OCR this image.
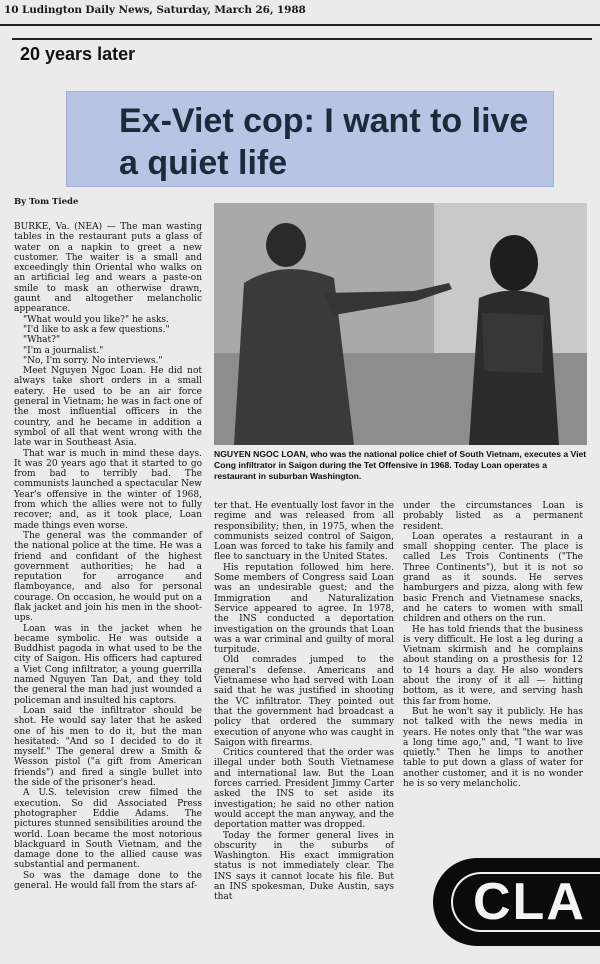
10 Ludington Daily News, Saturday, March 26, 1988
20 years later
Ex-Viet cop: I want to live a quiet life
By Tom Tiede

BURKE, Va. (NEA) — The man wasting tables in the restaurant puts a glass of water on a napkin to greet a new customer. The waiter is a small and exceedingly thin Oriental who walks on an artificial leg and wears a paste-on smile to mask an otherwise drawn, gaunt and altogether melancholic appearance.

"What would you like?" he asks.

"I'd like to ask a few questions."

"What?"

"I'm a journalist."

"No, I'm sorry. No interviews."

Meet Nguyen Ngoc Loan. He did not always take short orders in a small eatery. He used to be an air force general in Vietnam; he was in fact one of the most influential officers in the country, and he became in addition a symbol of all that went wrong with the late war in Southeast Asia.

That war is much in mind these days. It was 20 years ago that it started to go from bad to terribly bad. The communists launched a spectacular New Year's offensive in the winter of 1968, from which the allies were not to fully recover; and, as it took place, Loan made things even worse.

The general was the commander of the national police at the time. He was a friend and confidant of the highest government authorities; he had a reputation for arrogance and flamboyance, and also for personal courage. On occasion, he would put on a flak jacket and join his men in the shoot-ups.

Loan was in the jacket when he became symbolic. He was outside a Buddhist pagoda in what used to be the city of Saigon. His officers had captured a Viet Cong infiltrator, a young guerrilla named Nguyen Tan Dat, and they told the general the man had just wounded a policeman and insulted his captors.

Loan said the infiltrator should be shot. He would say later that he asked one of his men to do it, but the man hesitated: "And so I decided to do it myself." The general drew a Smith & Wesson pistol ("a gift from American friends") and fired a single bullet into the side of the prisoner's head.

A U.S. television crew filmed the execution. So did Associated Press photographer Eddie Adams. The pictures stunned sensibilities around the world. Loan became the most notorious blackguard in South Vietnam, and the damage done to the allied cause was substantial and permanent.

So was the damage done to the general. He would fall from the stars af-

NGUYEN NGOC LOAN, who was the national police chief of South Vietnam, executes a Viet Cong infiltrator in Saigon during the Tet Offensive in 1968. Today Loan operates a restaurant in suburban Washington.

ter that. He eventually lost favor in the regime and was released from all responsibility; then, in 1975, when the communists seized control of Saigon, Loan was forced to take his family and flee to sanctuary in the United States.

His reputation followed him here. Some members of Congress said Loan was an undesirable guest; and the Immigration and Naturalization Service appeared to agree. In 1978, the INS conducted a deportation investigation on the grounds that Loan was a war criminal and guilty of moral turpitude.

Old comrades jumped to the general's defense. Americans and Vietnamese who had served with Loan said that he was justified in shooting the VC infiltrator. They pointed out that the government had broadcast a policy that ordered the summary execution of anyone who was caught in Saigon with firearms.

Critics countered that the order was illegal under both South Vietnamese and international law. But the Loan forces carried. President Jimmy Carter asked the INS to set aside its investigation; he said no other nation would accept the man anyway, and the deportation matter was dropped.

Today the former general lives in obscurity in the suburbs of Washington. His exact immigration status is not immediately clear. The INS says it cannot locate his file. But an INS spokesman, Duke Austin, says that

under the circumstances Loan is probably listed as a permanent resident.

Loan operates a restaurant in a small shopping center. The place is called Les Trois Continents ("The Three Continents"), but it is not so grand as it sounds. He serves hamburgers and pizza, along with few basic French and Vietnamese snacks, and he caters to women with small children and others on the run.

He has told friends that the business is very difficult. He lost a leg during a Vietnam skirmish and he complains about standing on a prosthesis for 12 to 14 hours a day. He also wonders about the irony of it all — hitting bottom, as it were, and serving hash this far from home.

But he won't say it publicly. He has not talked with the news media in years. He notes only that "the war was a long time ago," and, "I want to live quietly." Then he limps to another table to put down a glass of water for another customer, and it is no wonder he is so very melancholic.

CLA
